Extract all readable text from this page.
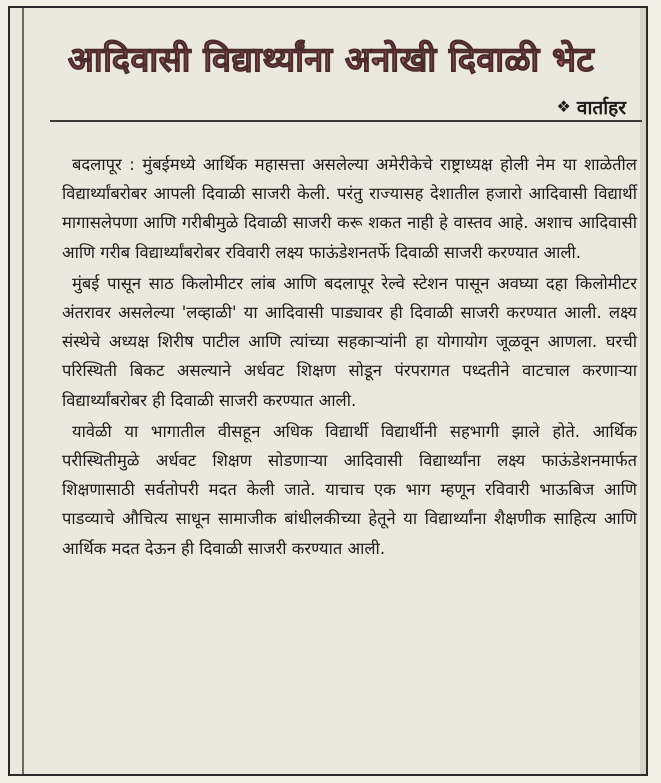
आदिवासी विद्यार्थ्यांना अनोखी दिवाळी भेट
❖ वार्ताहर

बदलापूर : मुंबईमध्ये आर्थिक महासत्ता असलेल्या अमेरीकेचे राष्ट्राध्यक्ष होली नेम या शाळेतील विद्यार्थ्यांबरोबर आपली दिवाळी साजरी केली. परंतु राज्यासह देशातील हजारो आदिवासी विद्यार्थी मागासलेपणा आणि गरीबीमुळे दिवाळी साजरी करू शकत नाही हे वास्तव आहे. अशाच आदिवासी आणि गरीब विद्यार्थ्यांबरोबर रविवारी लक्ष्य फाऊंडेशनतर्फे दिवाळी साजरी करण्यात आली.

मुंबई पासून साठ किलोमीटर लांब आणि बदलापूर रेल्वे स्टेशन पासून अवघ्या दहा किलोमीटर अंतरावर असलेल्या 'लव्हाळी' या आदिवासी पाड्यावर ही दिवाळी साजरी करण्यात आली. लक्ष्य संस्थेचे अध्यक्ष शिरीष पाटील आणि त्यांच्या सहकाऱ्यांनी हा योगायोग जूळवून आणला. घरची परिस्थिती बिकट असल्याने अर्धवट शिक्षण सोडून पंरपरागत पध्दतीने वाटचाल करणाऱ्या विद्यार्थ्यांबरोबर ही दिवाळी साजरी करण्यात आली.

यावेळी या भागातील वीसहून अधिक विद्यार्थी विद्यार्थीनी सहभागी झाले होते. आर्थिक परीस्थितीमुळे अर्धवट शिक्षण सोडणाऱ्या आदिवासी विद्यार्थ्यांना लक्ष्य फाऊंडेशनमार्फत शिक्षणासाठी सर्वतोपरी मदत केली जाते. याचाच एक भाग म्हणून रविवारी भाऊबिज आणि पाडव्याचे औचित्य साधून सामाजीक बांधीलकीच्या हेतूने या विद्यार्थ्यांना शैक्षणीक साहित्य आणि आर्थिक मदत देऊन ही दिवाळी साजरी करण्यात आली.
